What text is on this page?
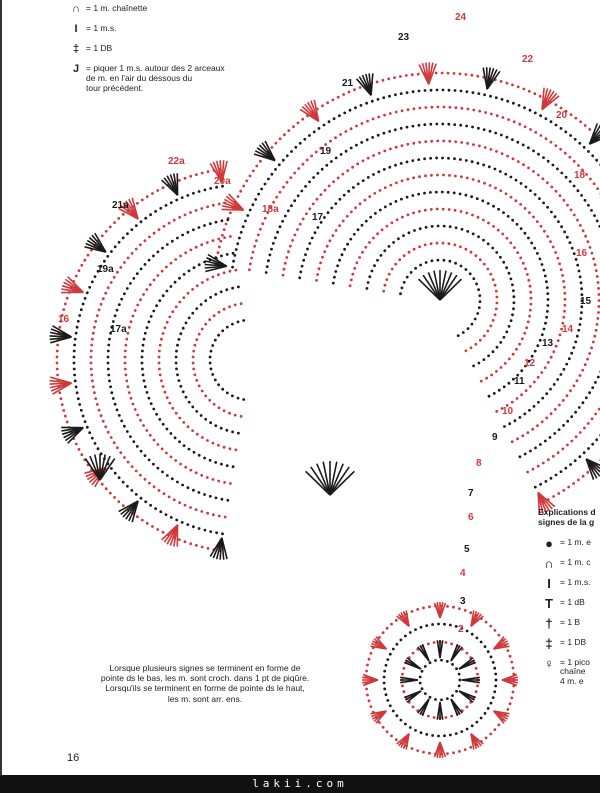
24
23
22
21
20
19
18
17
16
15
14
13
12
11
10
9
8
7
6
5
4
3
2
22a
21a
20a
19a
18a
17a
16
∩ = 1 m. chaînette
I = 1 m.s.
‡ = 1 DB
J = piquer 1 m.s. autour des 2 arceaux
de m. en l'air du dessous du
tour précédent.
Explications d
signes de la g
● = 1 m. e
∩ = 1 m. c
I	= 1 m.s.
T = 1 dB
† = 1 B
‡ = 1 DB
♀ = 1 pico
chaîne
4 m. e
Lorsque plusieurs signes se terminent en forme de pointe ds le bas, les m. sont croch. dans 1 pt de piqûre. Lorsqu'ils se terminent en forme de pointe ds le haut, les m. sont arr. ens.
16
lakii.com
